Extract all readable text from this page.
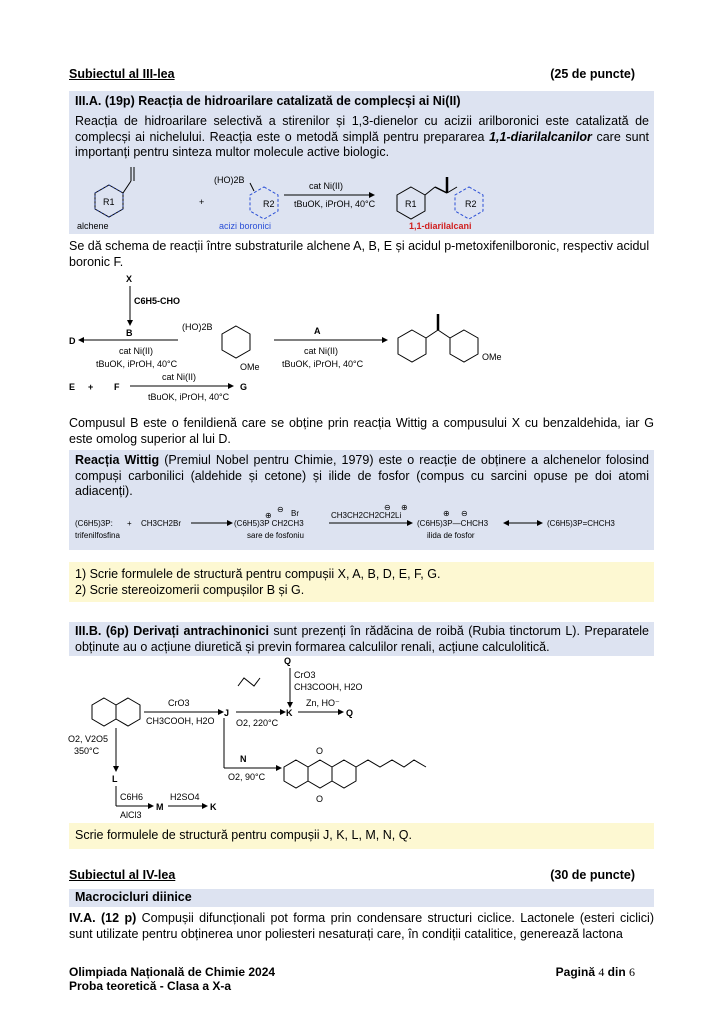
Subiectul al III-lea	(25 de puncte)
III.A. (19p) Reacția de hidroarilare catalizată de complecși ai Ni(II)
Reacția de hidroarilare selectivă a stirenilor și 1,3-dienelor cu acizii arilboronici este catalizată de complecși ai nichelului. Reacția este o metodă simplă pentru prepararea 1,1-diarilalcanilor care sunt importanți pentru sinteza multor molecule active biologic.
R1
alchene
+
(HO)2B
R2
acizi boronici
cat Ni(II)
tBuOK, iPrOH, 40°C	R1	R2
1,1-diarilalcani
Se dă schema de reacții între substraturile alchene A, B, E și acidul p-metoxifenilboronic, respectiv acidul boronic F.
X
C6H5-CHO
B
D
cat Ni(II)
tBuOK, iPrOH, 40°C
(HO)2B
OMe
A
cat Ni(II)
tBuOK, iPrOH, 40°C
OMe
E + F
cat Ni(II)
tBuOK, iPrOH, 40°C
G
Compusul B este o fenildienă care se obține prin reacția Wittig a compusului X cu benzaldehida, iar G este omolog superior al lui D.
Reacția Wittig (Premiul Nobel pentru Chimie, 1979) este o reacție de obținere a alchenelor folosind compuși carbonilici (aldehide și cetone) și ilide de fosfor (compus cu sarcini opuse pe doi atomi adiacenți).
(C6H5)3P: + CH3CH2Br
trifenilfosfina
(C6H5)3P CH2CH3
⊖ Br
⊕
sare de fosfoniu
CH3CH2CH2CH2Li
⊖ ⊕
(C6H5)3P—CHCH3
⊕ ⊖
ilida de fosfor
(C6H5)3P=CHCH3
1) Scrie formulele de structură pentru compușii X, A, B, D, E, F, G.
2) Scrie stereoizomerii compușilor B și G.
III.B. (6p) Derivați antrachinonici sunt prezenți în rădăcina de roibă (Rubia tinctorum L). Preparatele obținute au o acțiune diuretică și previn formarea calculilor renali, acțiune calculolitică.
CrO3
CH3COOH, H2O
J
O2, 220°C
K
Q
CrO3
CH3COOH, H2O
Zn, HO⁻
Q
N
O2, 90°C
O
O
O2, V2O5
350°C
L
C6H6
AlCl3
M
H2SO4
K
Scrie formulele de structură pentru compușii J, K, L, M, N, Q.
Subiectul al IV-lea	(30 de puncte)
Macrocicluri diinice
IV.A. (12 p) Compușii difuncționali pot forma prin condensare structuri ciclice. Lactonele (esteri ciclici) sunt utilizate pentru obținerea unor poliesteri nesaturați care, în condiții catalitice, generează lactona
Olimpiada Națională de Chimie 2024
Proba teoretică - Clasa a X-a
Pagină 4 din 6
